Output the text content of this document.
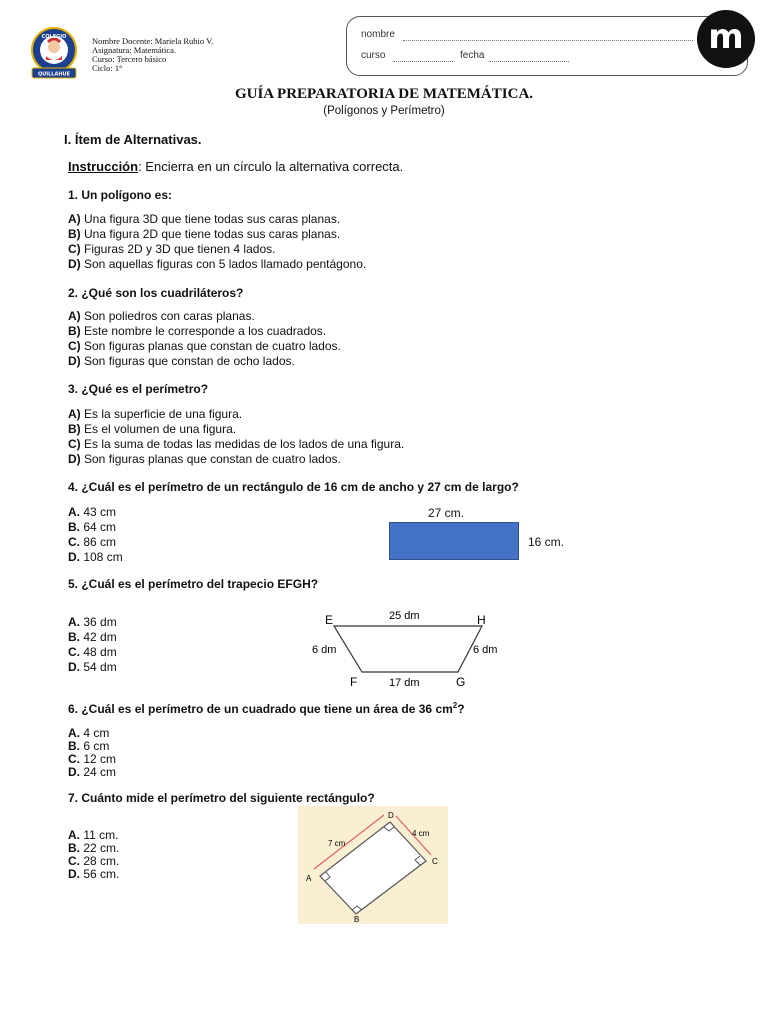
COLEGIO
QUILLAHUE
Nombre Docente: Mariela Rubio V.
Asignatura: Matemática.
Curso: Tercero básico
Ciclo: 1°
nombre
curso	fecha	m
GUÍA PREPARATORIA DE MATEMÁTICA.
(Polígonos y Perímetro)
I. Ítem de Alternativas.
Instrucción: Encierra en un círculo la alternativa correcta.
1. Un polígono es:
A) Una figura 3D que tiene todas sus caras planas.
B) Una figura 2D que tiene todas sus caras planas.
C) Figuras 2D y 3D que tienen 4 lados.
D) Son aquellas figuras con 5 lados llamado pentágono.
2. ¿Qué son los cuadriláteros?
A) Son poliedros con caras planas.
B) Este nombre le corresponde a los cuadrados.
C) Son figuras planas que constan de cuatro lados.
D) Son figuras que constan de ocho lados.
3. ¿Qué es el perímetro?
A) Es la superficie de una figura.
B) Es el volumen de una figura.
C) Es la suma de todas las medidas de los lados de una figura.
D) Son figuras planas que constan de cuatro lados.
4. ¿Cuál es el perímetro de un rectángulo de 16 cm de ancho y 27 cm de largo?
A. 43 cm
B. 64 cm
C. 86 cm
D. 108 cm
27 cm.
16 cm.
5. ¿Cuál es el perímetro del trapecio EFGH?
A. 36 dm
B. 42 dm
C. 48 dm
D. 54 dm
E	H
F	G
25 dm
6 dm	6 dm
17 dm
6. ¿Cuál es el perímetro de un cuadrado que tiene un área de 36 $cm^2$?
A. 4 cm
B. 6 cm
C. 12 cm
D. 24 cm
7. Cuánto mide el perímetro del siguiente rectángulo?
A. 11 cm.
B. 22 cm.
C. 28 cm.
D. 56 cm.	A
D
C
B
7 cm
4 cm
